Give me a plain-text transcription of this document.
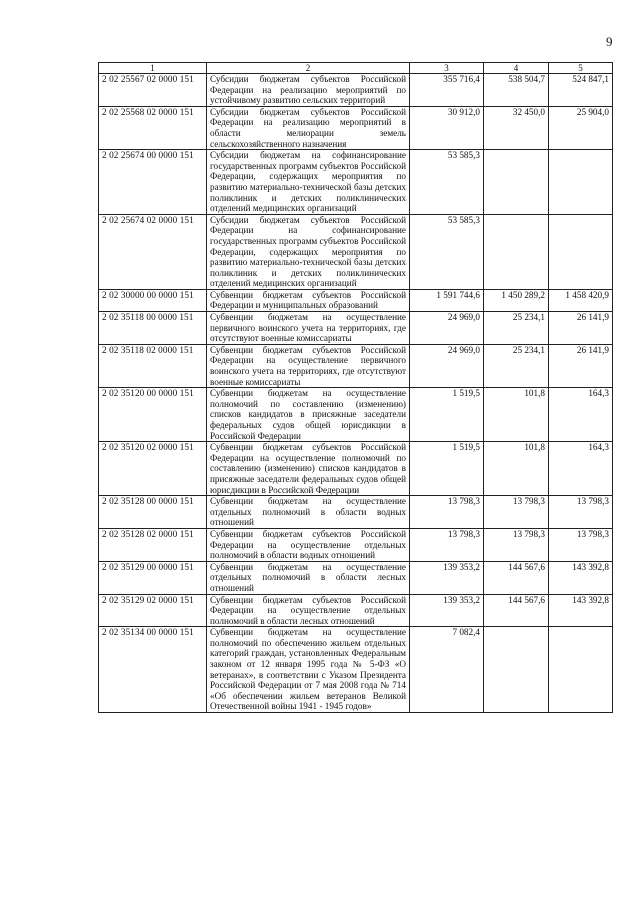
9
1	2	3	4	5
2 02 25567 02 0000 151	Субсидии бюджетам субъектов Российской Федерации на реализацию мероприятий по устойчивому развитию сельских территорий	355 716,4	538 504,7	524 847,1
2 02 25568 02 0000 151	Субсидии бюджетам субъектов Российской Федерации на реализацию мероприятий в области мелиорации земель сельскохозяйственного назначения	30 912,0	32 450,0	25 904,0
2 02 25674 00 0000 151	Субсидии бюджетам на софинансирование государственных программ субъектов Российской Федерации, содержащих мероприятия по развитию материально-технической базы детских поликлиник и детских поликлинических отделений медицинских организаций	53 585,3		
2 02 25674 02 0000 151	Субсидии бюджетам субъектов Российской Федерации на софинансирование государственных программ субъектов Российской Федерации, содержащих мероприятия по развитию материально-технической базы детских поликлиник и детских поликлинических отделений медицинских организаций	53 585,3		
2 02 30000 00 0000 151	Субвенции бюджетам субъектов Российской Федерации и муниципальных образований	1 591 744,6	1 450 289,2	1 458 420,9
2 02 35118 00 0000 151	Субвенции бюджетам на осуществление первичного воинского учета на территориях, где отсутствуют военные комиссариаты	24 969,0	25 234,1	26 141,9
2 02 35118 02 0000 151	Субвенции бюджетам субъектов Российской Федерации на осуществление первичного воинского учета на территориях, где отсутствуют военные комиссариаты	24 969,0	25 234,1	26 141,9
2 02 35120 00 0000 151	Субвенции бюджетам на осуществление полномочий по составлению (изменению) списков кандидатов в присяжные заседатели федеральных судов общей юрисдикции в Российской Федерации	1 519,5	101,8	164,3
2 02 35120 02 0000 151	Субвенции бюджетам субъектов Российской Федерации на осуществление полномочий по составлению (изменению) списков кандидатов в присяжные заседатели федеральных судов общей юрисдикции в Российской Федерации	1 519,5	101,8	164,3
2 02 35128 00 0000 151	Субвенции бюджетам на осуществление отдельных полномочий в области водных отношений	13 798,3	13 798,3	13 798,3
2 02 35128 02 0000 151	Субвенции бюджетам субъектов Российской Федерации на осуществление отдельных полномочий в области водных отношений	13 798,3	13 798,3	13 798,3
2 02 35129 00 0000 151	Субвенции бюджетам на осуществление отдельных полномочий в области лесных отношений	139 353,2	144 567,6	143 392,8
2 02 35129 02 0000 151	Субвенции бюджетам субъектов Российской Федерации на осуществление отдельных полномочий в области лесных отношений	139 353,2	144 567,6	143 392,8
2 02 35134 00 0000 151	Субвенции бюджетам на осуществление полномочий по обеспечению жильем отдельных категорий граждан, установленных Федеральным законом от 12 января 1995 года № 5-ФЗ «О ветеранах», в соответствии с Указом Президента Российской Федерации от 7 мая 2008 года № 714 «Об обеспечении жильем ветеранов Великой Отечественной войны 1941 - 1945 годов»	7 082,4		
